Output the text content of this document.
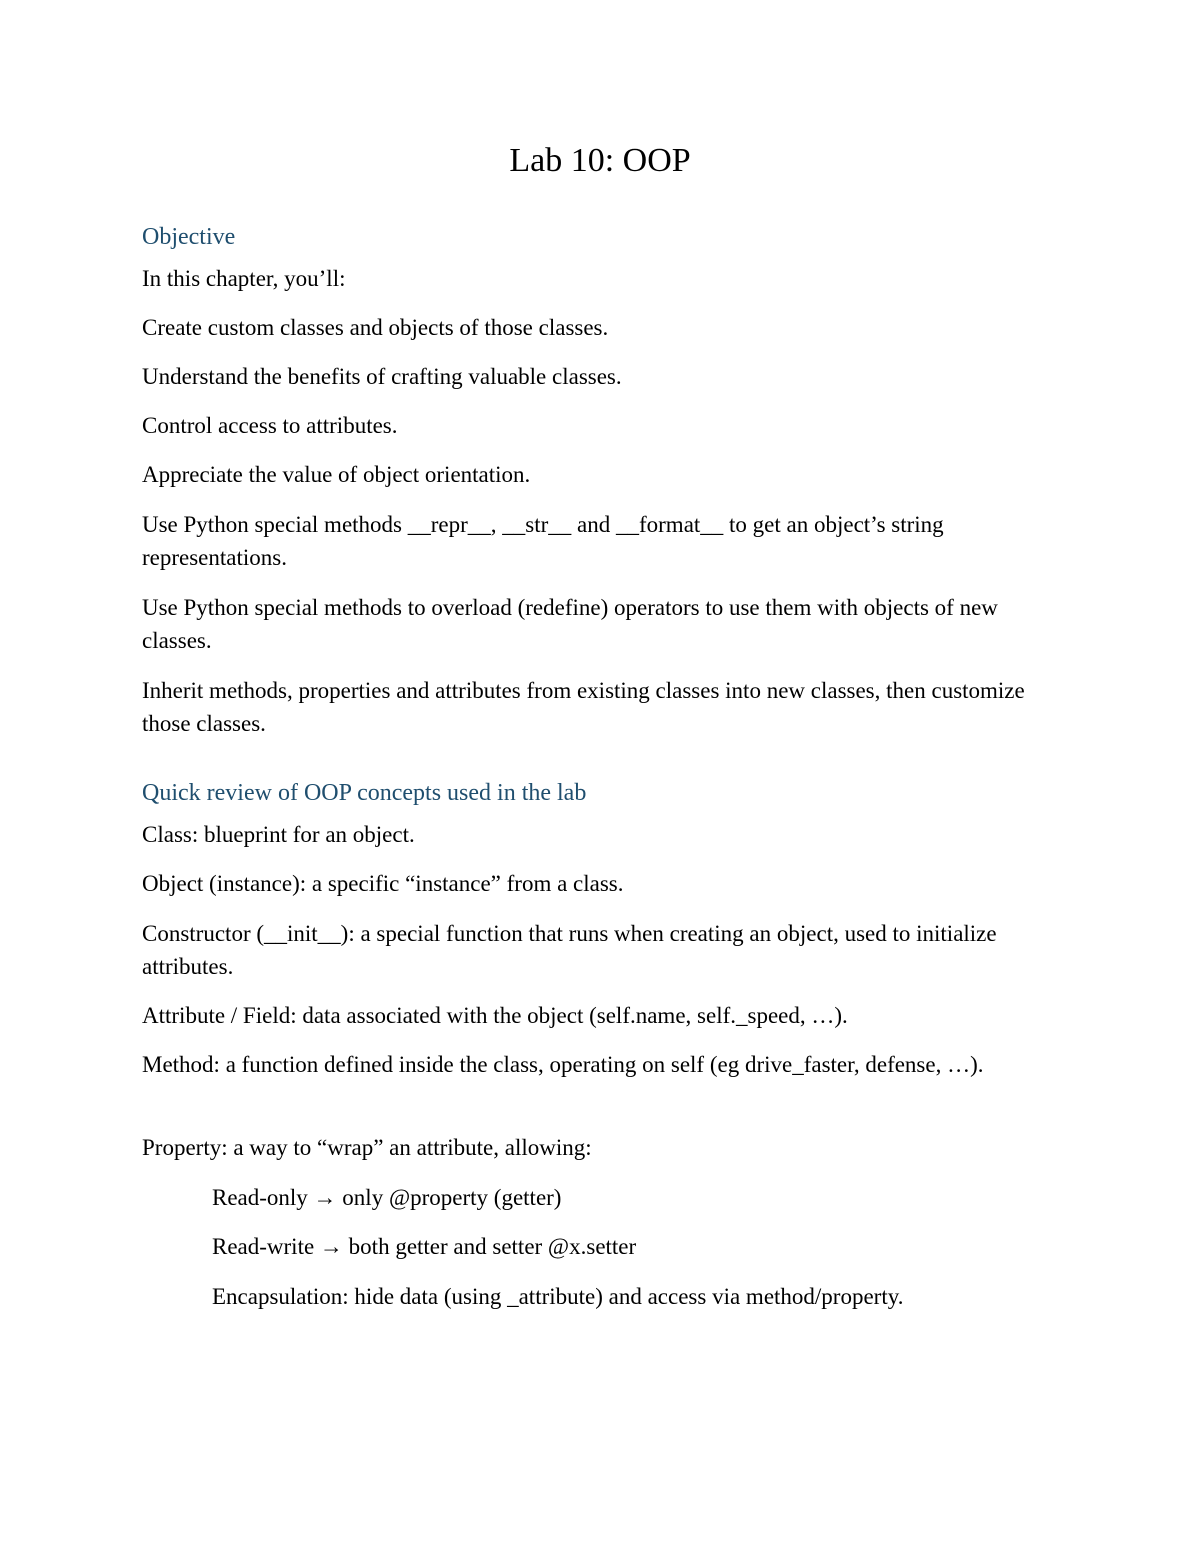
Lab 10: OOP
Objective
In this chapter, you’ll:
Create custom classes and objects of those classes.
Understand the benefits of crafting valuable classes.
Control access to attributes.
Appreciate the value of object orientation.
Use Python special methods __repr__, __str__ and __format__ to get an object’s string representations.
Use Python special methods to overload (redefine) operators to use them with objects of new classes.
Inherit methods, properties and attributes from existing classes into new classes, then customize those classes.
Quick review of OOP concepts used in the lab
Class: blueprint for an object.
Object (instance): a specific “instance” from a class.
Constructor (__init__): a special function that runs when creating an object, used to initialize attributes.
Attribute / Field: data associated with the object (self.name, self._speed, …).
Method: a function defined inside the class, operating on self (eg drive_faster, defense, …).
Property: a way to “wrap” an attribute, allowing:
Read-only → only @property (getter)
Read-write → both getter and setter @x.setter
Encapsulation: hide data (using _attribute) and access via method/property.
